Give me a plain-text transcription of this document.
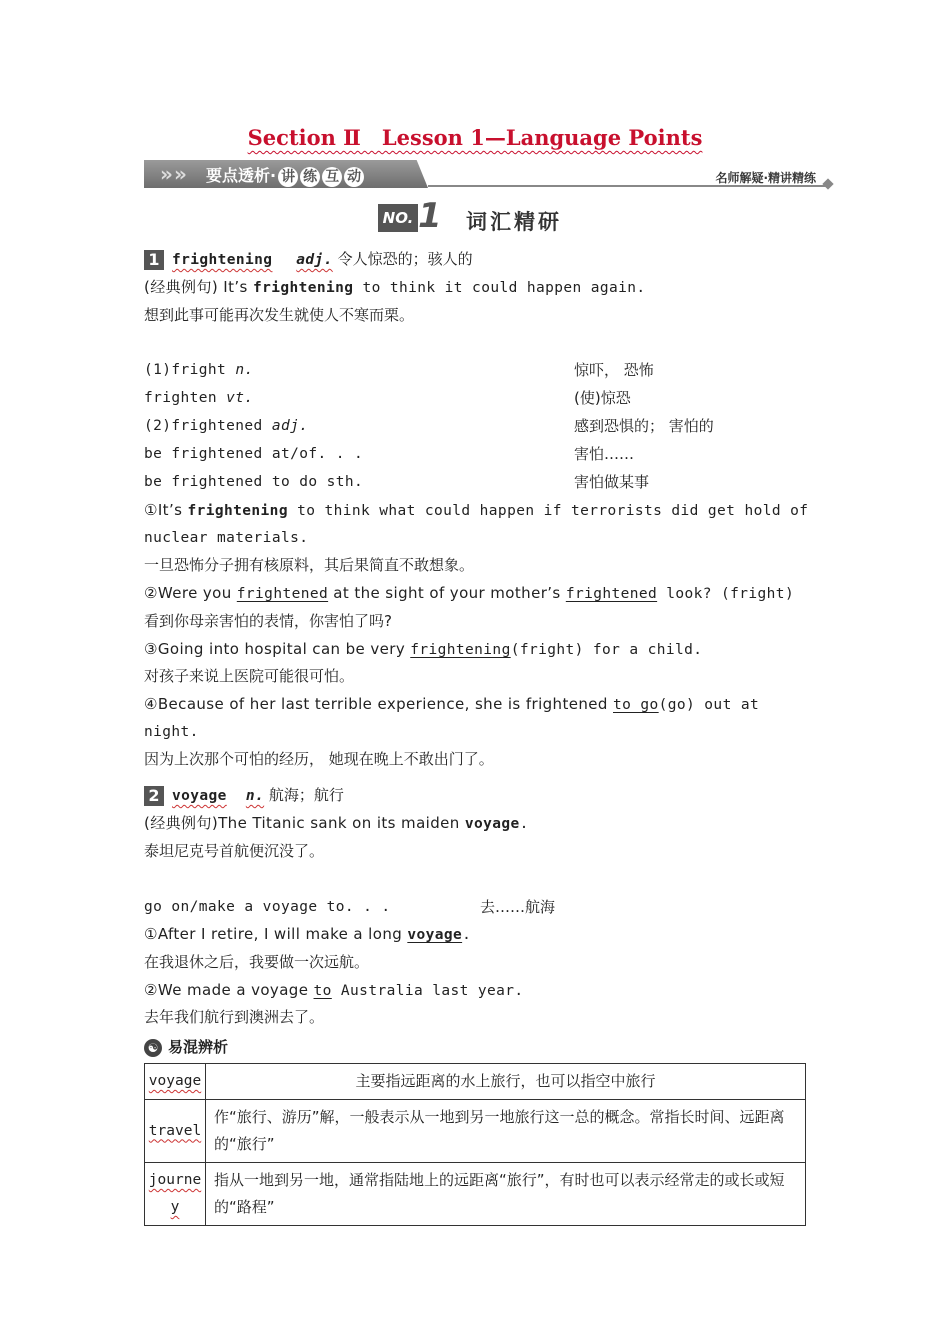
Section Ⅱ　Lesson 1—Language Points
» » 要点透析· 讲 练 互 动	名师解疑·精讲精练
NO. 1 词汇精研
1 frightening adj. 令人惊恐的；骇人的
(经典例句) It’s frightening to think it could happen again.
想到此事可能再次发生就使人不寒而栗。
(1)fright n.	惊吓， 恐怖
frighten vt.	(使)惊恐
(2)frightened adj.	感到恐惧的； 害怕的
be frightened at/of. . .	害怕……
be frightened to do sth.	害怕做某事
①It’s frightening to think what could happen if terrorists did get hold of
nuclear materials.
一旦恐怖分子拥有核原料，其后果简直不敢想象。
②Were you frightened at the sight of your mother’s frightened look? (fright)
看到你母亲害怕的表情，你害怕了吗?
③Going into hospital can be very frightening(fright) for a child.
对孩子来说上医院可能很可怕。
④Because of her last terrible experience, she is frightened to go(go) out at
night.
因为上次那个可怕的经历， 她现在晚上不敢出门了。
2 voyage n. 航海；航行
(经典例句)The Titanic sank on its maiden voyage.
泰坦尼克号首航便沉没了。
go on/make a voyage to. . .	去……航海
①After I retire, I will make a long voyage.
在我退休之后，我要做一次远航。
②We made a voyage to Australia last year.
去年我们航行到澳洲去了。
☯ 易混辨析
voyage	主要指远距离的水上旅行，也可以指空中旅行
travel	作“旅行、游历”解，一般表示从一地到另一地旅行这一总的概念。常指长时间、远距离的“旅行”
journey	指从一地到另一地，通常指陆地上的远距离“旅行”，有时也可以表示经常走的或长或短的“路程”
